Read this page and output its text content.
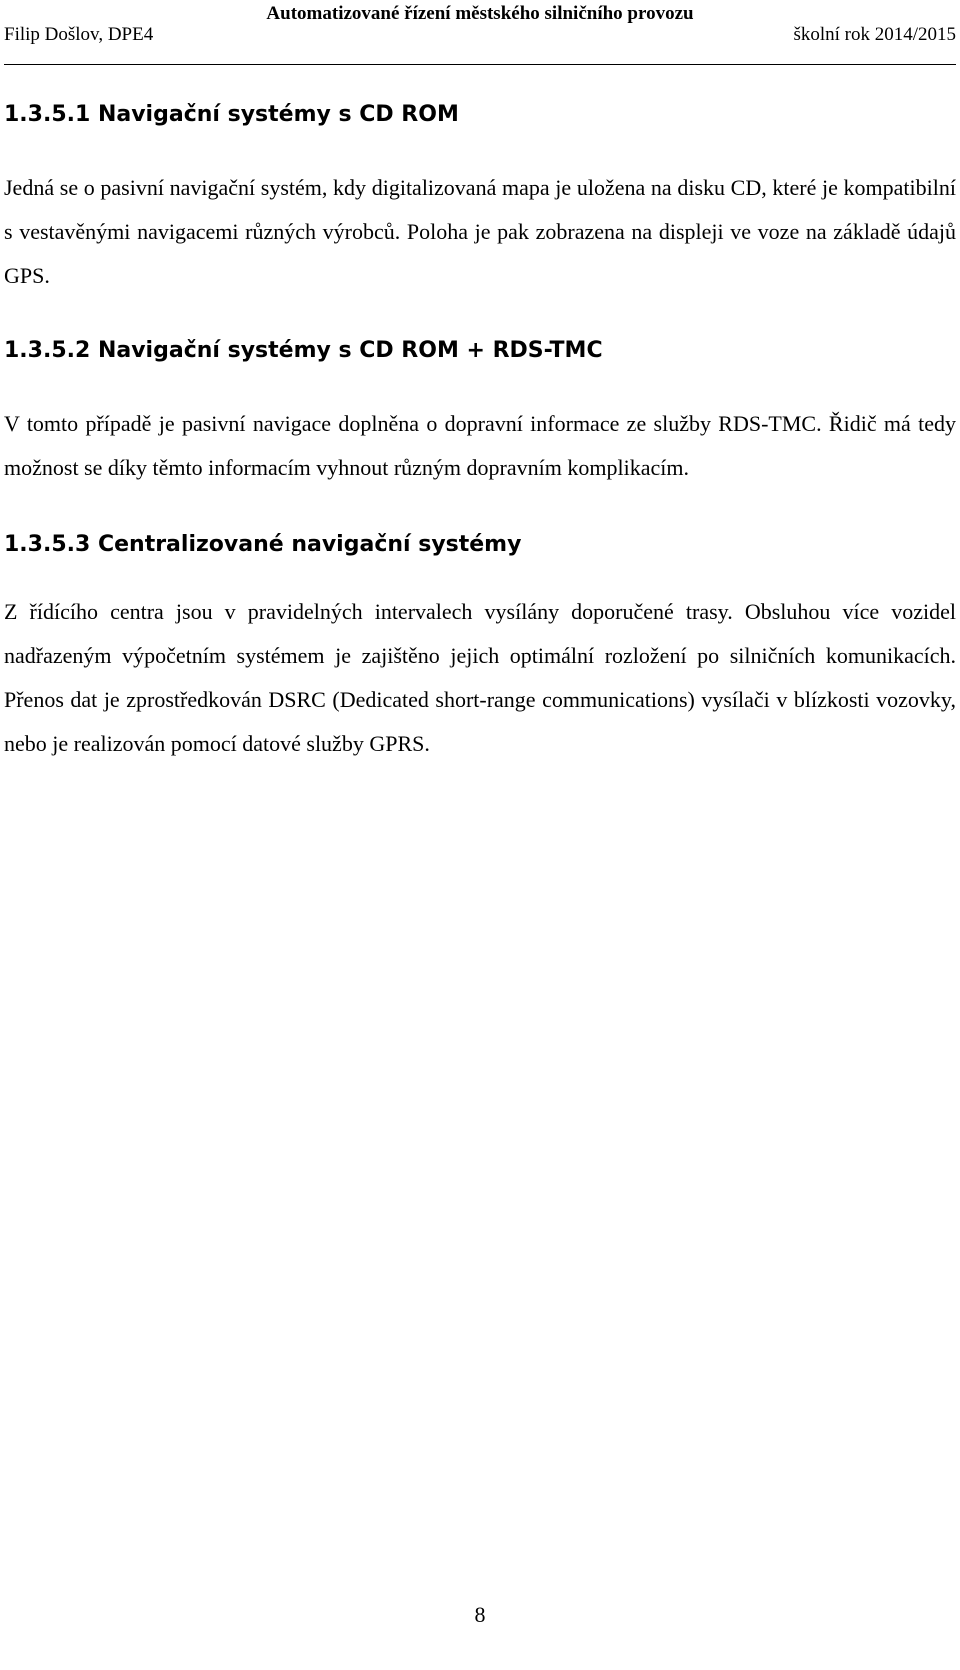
Automatizované řízení městského silničního provozu
Filip Došlov, DPE4	školní rok 2014/2015
1.3.5.1 Navigační systémy s CD ROM

Jedná se o pasivní navigační systém, kdy digitalizovaná mapa je uložena na disku CD, které je kompatibilní s vestavěnými navigacemi různých výrobců. Poloha je pak zobrazena na displeji ve voze na základě údajů GPS.

1.3.5.2 Navigační systémy s CD ROM + RDS-TMC

V tomto případě je pasivní navigace doplněna o dopravní informace ze služby RDS-TMC. Řidič má tedy možnost se díky těmto informacím vyhnout různým dopravním komplikacím.

1.3.5.3 Centralizované navigační systémy

Z řídícího centra jsou v pravidelných intervalech vysílány doporučené trasy. Obsluhou více vozidel nadřazeným výpočetním systémem je zajištěno jejich optimální rozložení po silničních komunikacích. Přenos dat je zprostředkován DSRC (Dedicated short-range communications) vysílači v blízkosti vozovky, nebo je realizován pomocí datové služby GPRS.

8
